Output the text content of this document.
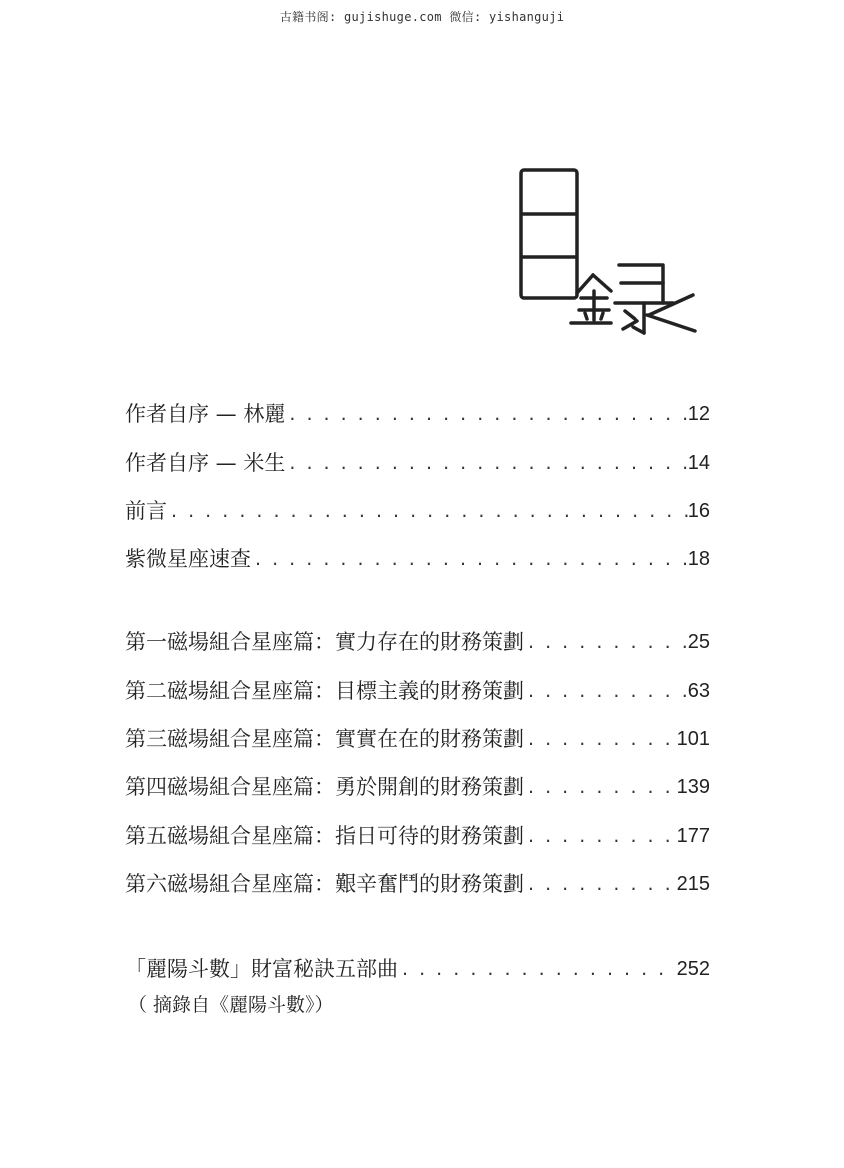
古籍书阁: gujishuge.com 微信: yishanguji
作者自序 — 林麗 . . .	12
作者自序 — 米生 . . .	14
前言 . . .	16
紫微星座速查 . . .	18
第一磁場組合星座篇：實力存在的財務策劃 . . .	25
第二磁場組合星座篇：目標主義的財務策劃 . . .	63
第三磁場組合星座篇：實實在在的財務策劃 . . .	101
第四磁場組合星座篇：勇於開創的財務策劃 . . .	139
第五磁場組合星座篇：指日可待的財務策劃 . . .	177
第六磁場組合星座篇：艱辛奮鬥的財務策劃 . . .	215
「麗陽斗數」財富秘訣五部曲 . . .	252
（ 摘錄自《麗陽斗數》）
